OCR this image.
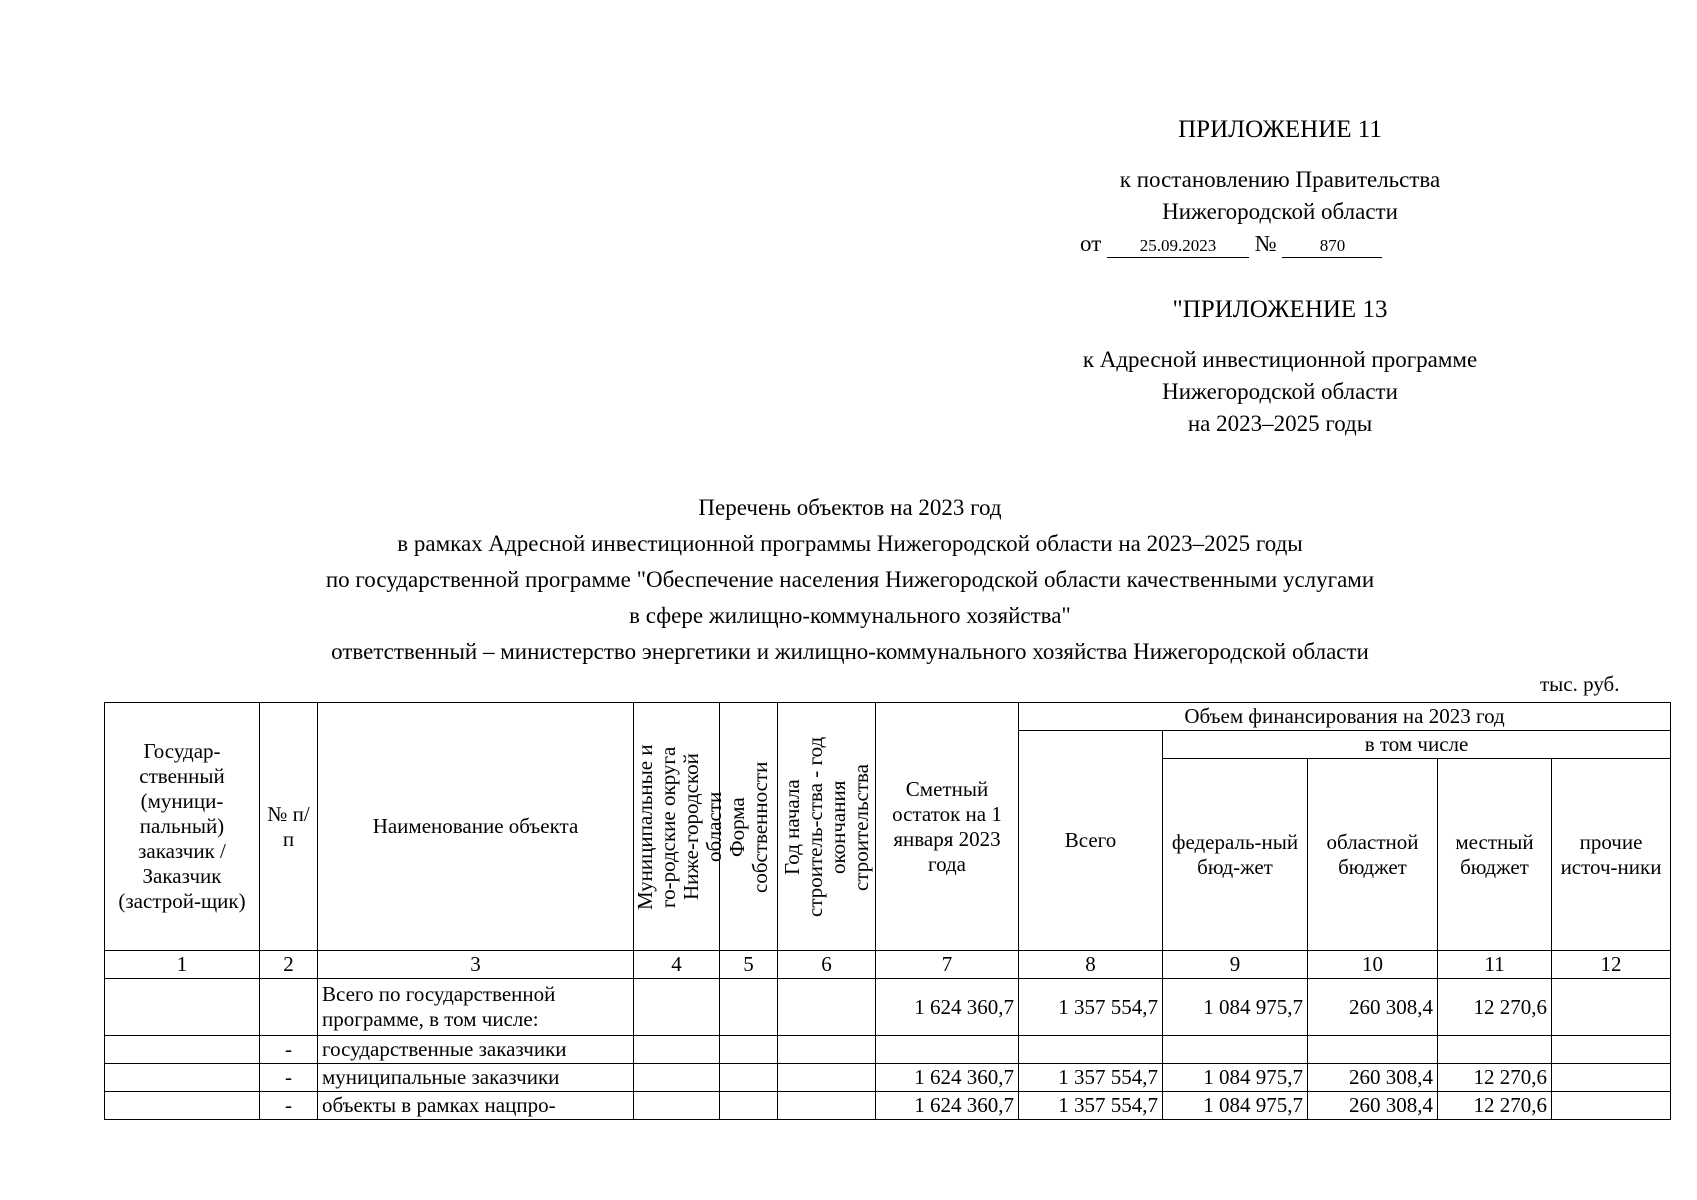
ПРИЛОЖЕНИЕ 11
к постановлению Правительства
Нижегородской области
от 25.09.2023 №	870
"ПРИЛОЖЕНИЕ 13
к Адресной инвестиционной программе
Нижегородской области
на 2023–2025 годы
Перечень объектов на 2023 год
в рамках Адресной инвестиционной программы Нижегородской области на 2023–2025 годы
по государственной программе "Обеспечение населения Нижегородской области качественными услугами
в сфере жилищно-коммунального хозяйства"
ответственный – министерство энергетики и жилищно-коммунального хозяйства Нижегородской области
тыс. руб.
Государ-ственный (муници-пальный) заказчик / Заказчик (застрой-щик)	№ п/п	Наименование объекта	Муниципальные и го-родские округа Ниже-городской области	Форма собственности	Год начала строитель-ства - год окончания строительства	Сметный остаток на 1 января 2023 года	Объем финансирования на 2023 год				
							Всего	в том числе			
								федераль-ный бюд-жет	областной бюджет	местный бюджет	прочие источ-ники
1	2	3	4	5	6	7	8	9	10	11	12
		Всего по государственной программе, в том числе:				1 624 360,7	1 357 554,7	1 084 975,7	260 308,4	12 270,6	
	-	государственные заказчики									
	-	муниципальные заказчики				1 624 360,7	1 357 554,7	1 084 975,7	260 308,4	12 270,6	
	-	объекты в рамках нацпро-				1 624 360,7	1 357 554,7	1 084 975,7	260 308,4	12 270,6	
